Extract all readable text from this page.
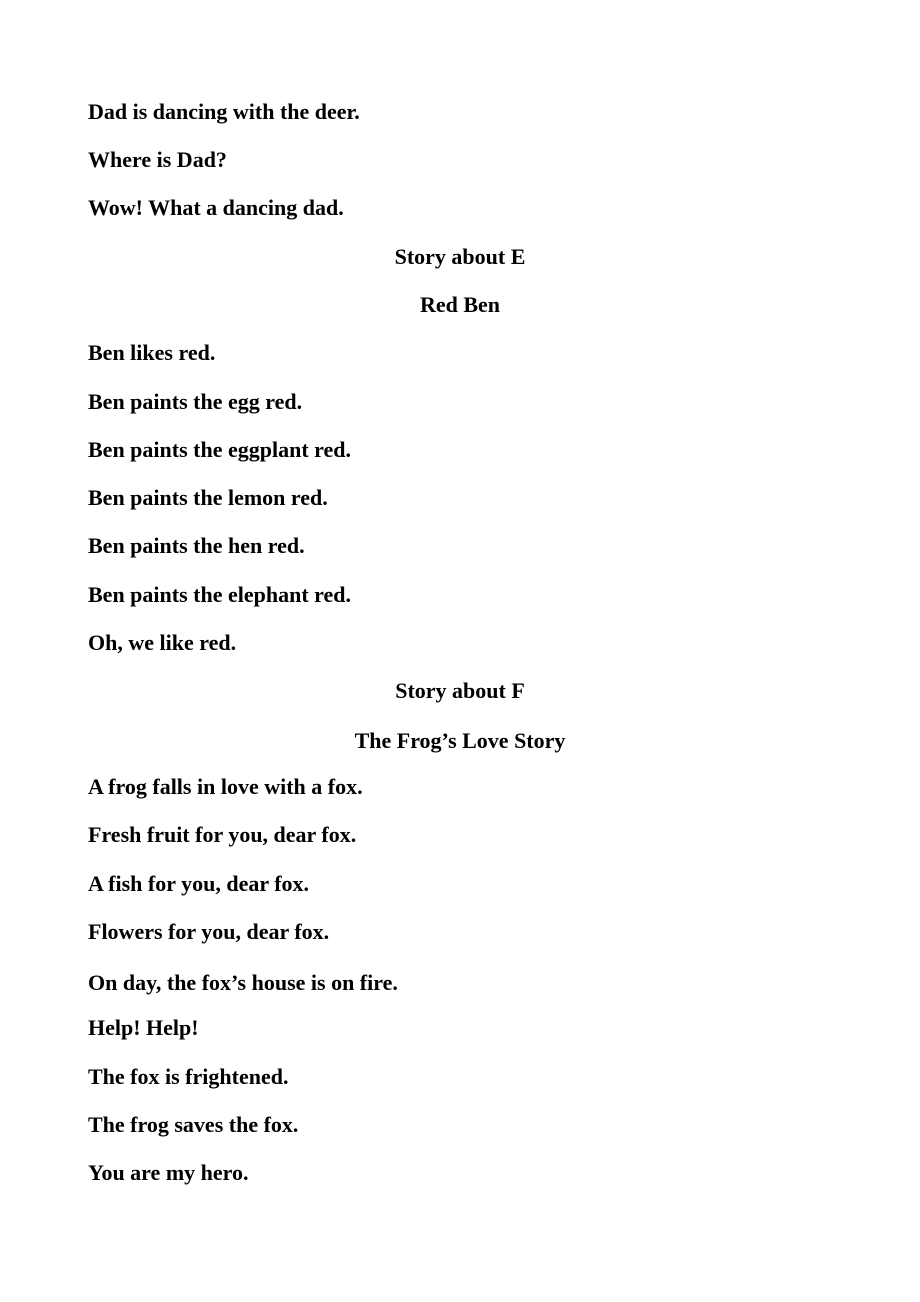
Dad is dancing with the deer.
Where is Dad?
Wow! What a dancing dad.
Story about E
Red Ben
Ben likes red.
Ben paints the egg red.
Ben paints the eggplant red.
Ben paints the lemon red.
Ben paints the hen red.
Ben paints the elephant red.
Oh, we like red.
Story about F
The Frog’s Love Story
A frog falls in love with a fox.
Fresh fruit for you, dear fox.
A fish for you, dear fox.
Flowers for you, dear fox.
On day, the fox’s house is on fire.
Help! Help!
The fox is frightened.
The frog saves the fox.
You are my hero.
